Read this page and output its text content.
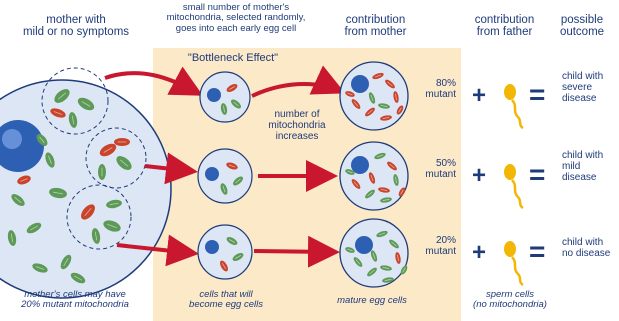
+
+
+
=
=
=
mother with
mild or no symptoms
small number of mother's
mitochondria, selected randomly,
goes into each early egg cell
contribution
from mother
contribution
from father
possible
outcome
"Bottleneck Effect"
number of
mitochondria
increases
80%
mutant
50%
mutant
20%
mutant
child with
severe
disease
child with
mild
disease
child with
no disease
mother's cells may have
20% mutant mitochondria
cells that will
become egg cells	mature egg cells
sperm cells
(no mitochondria)
